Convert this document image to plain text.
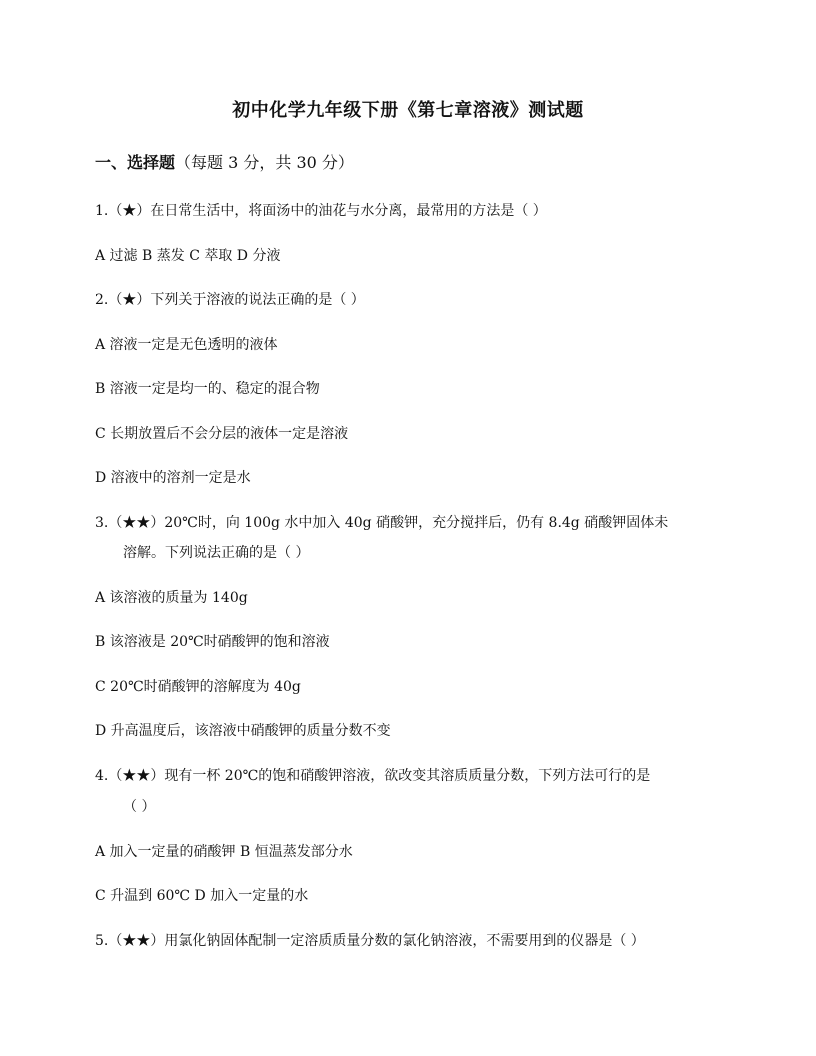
初中化学九年级下册《第七章溶液》测试题
一、选择题（每题 3 分，共 30 分）
1.（★）在日常生活中，将面汤中的油花与水分离，最常用的方法是（ ）
A 过滤 B 蒸发 C 萃取 D 分液
2.（★）下列关于溶液的说法正确的是（ ）
A 溶液一定是无色透明的液体
B 溶液一定是均一的、稳定的混合物
C 长期放置后不会分层的液体一定是溶液
D 溶液中的溶剂一定是水
3.（★★）20℃时，向 100g 水中加入 40g 硝酸钾，充分搅拌后，仍有 8.4g 硝酸钾固体未
溶解。下列说法正确的是（ ）
A 该溶液的质量为 140g
B 该溶液是 20℃时硝酸钾的饱和溶液
C 20℃时硝酸钾的溶解度为 40g
D 升高温度后，该溶液中硝酸钾的质量分数不变
4.（★★）现有一杯 20℃的饱和硝酸钾溶液，欲改变其溶质质量分数，下列方法可行的是
（ ）
A 加入一定量的硝酸钾 B 恒温蒸发部分水
C 升温到 60℃ D 加入一定量的水
5.（★★）用氯化钠固体配制一定溶质质量分数的氯化钠溶液，不需要用到的仪器是（ ）
